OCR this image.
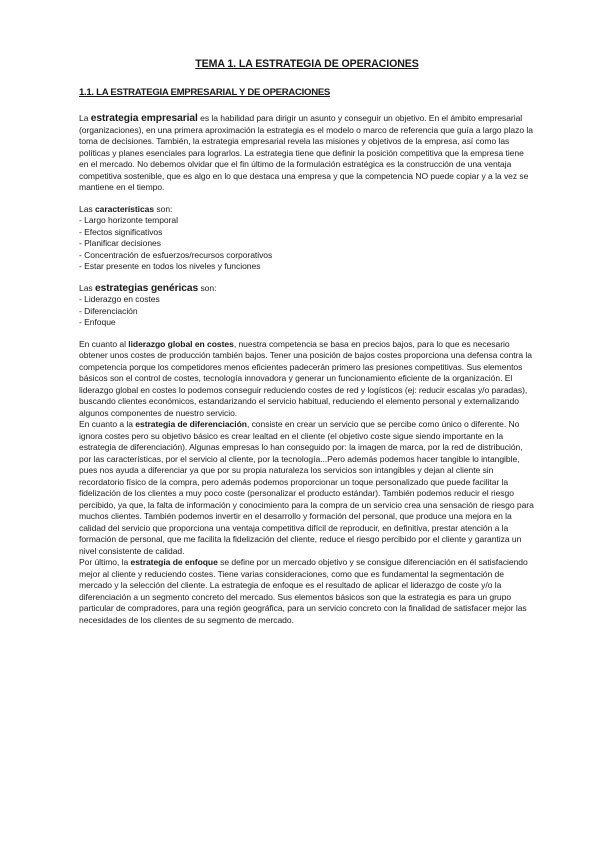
TEMA 1. LA ESTRATEGIA DE OPERACIONES
1.1. LA ESTRATEGIA EMPRESARIAL Y DE OPERACIONES

La estrategia empresarial es la habilidad para dirigir un asunto y conseguir un objetivo. En el ámbito empresarial (organizaciones), en una primera aproximación la estrategia es el modelo o marco de referencia que guía a largo plazo la toma de decisiones. También, la estrategia empresarial revela las misiones y objetivos de la empresa, así como las políticas y planes esenciales para lograrlos. La estrategia tiene que definir la posición competitiva que la empresa tiene en el mercado. No debemos olvidar que el fin último de la formulación estratégica es la construcción de una ventaja competitiva sostenible, que es algo en lo que destaca una empresa y que la competencia NO puede copiar y a la vez se mantiene en el tiempo.

Las características son:

- Largo horizonte temporal
- Efectos significativos
- Planificar decisiones
- Concentración de esfuerzos/recursos corporativos
- Estar presente en todos los niveles y funciones

Las estrategias genéricas son:

- Liderazgo en costes
- Diferenciación
- Enfoque

En cuanto al liderazgo global en costes, nuestra competencia se basa en precios bajos, para lo que es necesario obtener unos costes de producción también bajos. Tener una posición de bajos costes proporciona una defensa contra la competencia porque los competidores menos eficientes padecerán primero las presiones competitivas. Sus elementos básicos son el control de costes, tecnología innovadora y generar un funcionamiento eficiente de la organización. El liderazgo global en costes lo podemos conseguir reduciendo costes de red y logísticos (ej: reducir escalas y/o paradas), buscando clientes económicos, estandarizando el servicio habitual, reduciendo el elemento personal y externalizando algunos componentes de nuestro servicio.

En cuanto a la estrategia de diferenciación, consiste en crear un servicio que se percibe como único o diferente. No ignora costes pero su objetivo básico es crear lealtad en el cliente (el objetivo coste sigue siendo importante en la estrategia de diferenciación). Algunas empresas lo han conseguido por: la imagen de marca, por la red de distribución, por las características, por el servicio al cliente, por la tecnología...Pero además podemos hacer tangible lo intangible, pues nos ayuda a diferenciar ya que por su propia naturaleza los servicios son intangibles y dejan al cliente sin recordatorio físico de la compra, pero además podemos proporcionar un toque personalizado que puede facilitar la fidelización de los clientes a muy poco coste (personalizar el producto estándar). También podemos reducir el riesgo percibido, ya que, la falta de información y conocimiento para la compra de un servicio crea una sensación de riesgo para muchos clientes. También podemos invertir en el desarrollo y formación del personal, que produce una mejora en la calidad del servicio que proporciona una ventaja competitiva difícil de reproducir, en definitiva, prestar atención a la formación de personal, que me facilita la fidelización del cliente, reduce el riesgo percibido por el cliente y garantiza un nivel consistente de calidad.

Por último, la estrategia de enfoque se define por un mercado objetivo y se consigue diferenciación en él satisfaciendo mejor al cliente y reduciendo costes. Tiene varias consideraciones, como que es fundamental la segmentación de mercado y la selección del cliente. La estrategia de enfoque es el resultado de aplicar el liderazgo de coste y/o la diferenciación a un segmento concreto del mercado. Sus elementos básicos son que la estrategia es para un grupo particular de compradores, para una región geográfica, para un servicio concreto con la finalidad de satisfacer mejor las necesidades de los clientes de su segmento de mercado.
